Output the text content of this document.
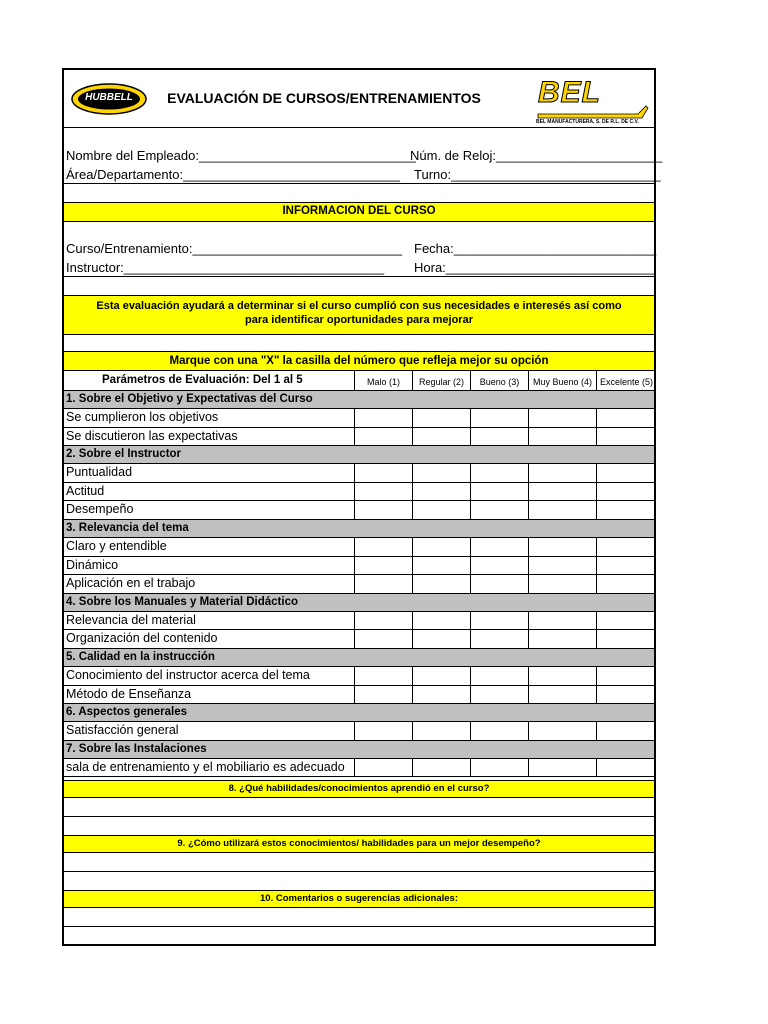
HUBBELL	EVALUACIÓN DE CURSOS/ENTRENAMIENTOS	BEL
BEL MANUFACTURERA, S. DE R.L. DE C.V.
Nombre del Empleado:______________________________
Núm. de Reloj:_______________________
Área/Departamento:______________________________ Turno:_____________________________
INFORMACION DEL CURSO
Curso/Entrenamiento:_____________________________ Fecha:____________________________
Instructor:____________________________________ Hora:_____________________________
Esta evaluación ayudará a determinar si el curso cumplió con sus necesidades e interesés así como
para identificar oportunidades para mejorar
Marque con una "X" la casilla del número que refleja mejor su opción
Parámetros de Evaluación: Del 1 al 5	Malo (1)	Regular (2)	Bueno (3)	Muy Bueno (4) Excelente (5)
1. Sobre el Objetivo y Expectativas del Curso
Se cumplieron los objetivos
Se discutieron las expectativas
2. Sobre el Instructor
Puntualidad
Actitud
Desempeño
3. Relevancia del tema
Claro y entendible
Dinámico
Aplicación en el trabajo
4. Sobre los Manuales y Material Didáctico
Relevancia del material
Organización del contenido
5. Calidad en la instrucción
Conocimiento del instructor acerca del tema
Método de Enseñanza
6. Aspectos generales
Satisfacción general
7. Sobre las Instalaciones
sala de entrenamiento y el mobiliario es adecuado
8. ¿Qué habilidades/conocimientos aprendió en el curso?
9. ¿Cómo utilizará estos conocimientos/ habilidades para un mejor desempeño?
10. Comentarios o sugerencias adicionales:
